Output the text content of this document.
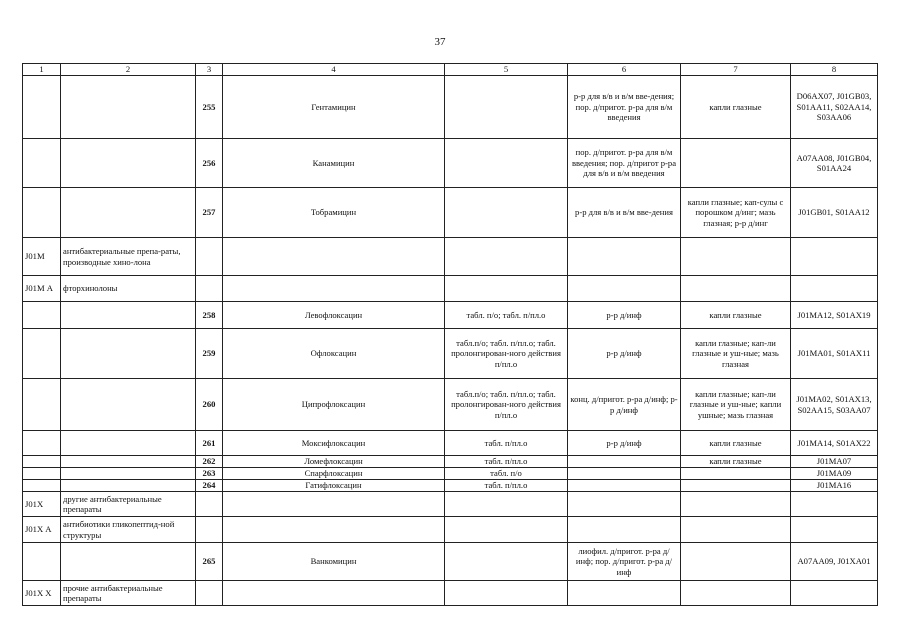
37
1	2	3	4	5	6	7	8
		255	Гентамицин		р-р для в/в и в/м вве-дения; пор. д/пригот. р-ра для в/м введения	капли глазные	D06AX07, J01GB03, S01AA11, S02AA14, S03AA06
		256	Канамицин		пор. д/пригот. р-ра для в/м введения; пор. д/пригот р-ра для в/в и в/м введения		A07AA08, J01GB04, S01AA24
		257	Тобрамицин		р-р для в/в и в/м вве-дения	капли глазные; кап-сулы с порошком д/инг; мазь глазная; р-р д/инг	J01GB01, S01AA12
J01M	антибактериальные препа-раты, производные хино-лона						
J01M А	фторхинолоны						
		258	Левофлоксацин	табл. п/о; табл. п/пл.о	р-р д/инф	капли глазные	J01MA12, S01AX19
		259	Офлоксацин	табл.п/о; табл. п/пл.о; табл. пролонгирован-ного действия п/пл.о	р-р д/инф	капли глазные; кап-ли глазные и уш-ные; мазь глазная	J01MA01, S01AX11
		260	Ципрофлоксацин	табл.п/о; табл. п/пл.о; табл. пролонгирован-ного действия п/пл.о	конц. д/пригот. р-ра д/инф; р-р д/инф	капли глазные; кап-ли глазные и уш-ные; капли ушные; мазь глазная	J01MA02, S01AX13, S02AA15, S03AA07
		261	Моксифлоксацин	табл. п/пл.о	р-р д/инф	капли глазные	J01MA14, S01AX22
		262	Ломефлоксацин	табл. п/пл.о		капли глазные	J01MA07
		263	Спарфлоксацин	табл. п/о			J01MA09
		264	Гатифлоксацин	табл. п/пл.о			J01MA16
J01X	другие антибактериальные препараты						
J01X А	антибиотики гликопептид-ной структуры						
		265	Ванкомицин		лиофил. д/пригот. р-ра д/инф; пор. д/пригот. р-ра д/инф		A07AA09, J01XA01
J01X X	прочие антибактериальные препараты						
